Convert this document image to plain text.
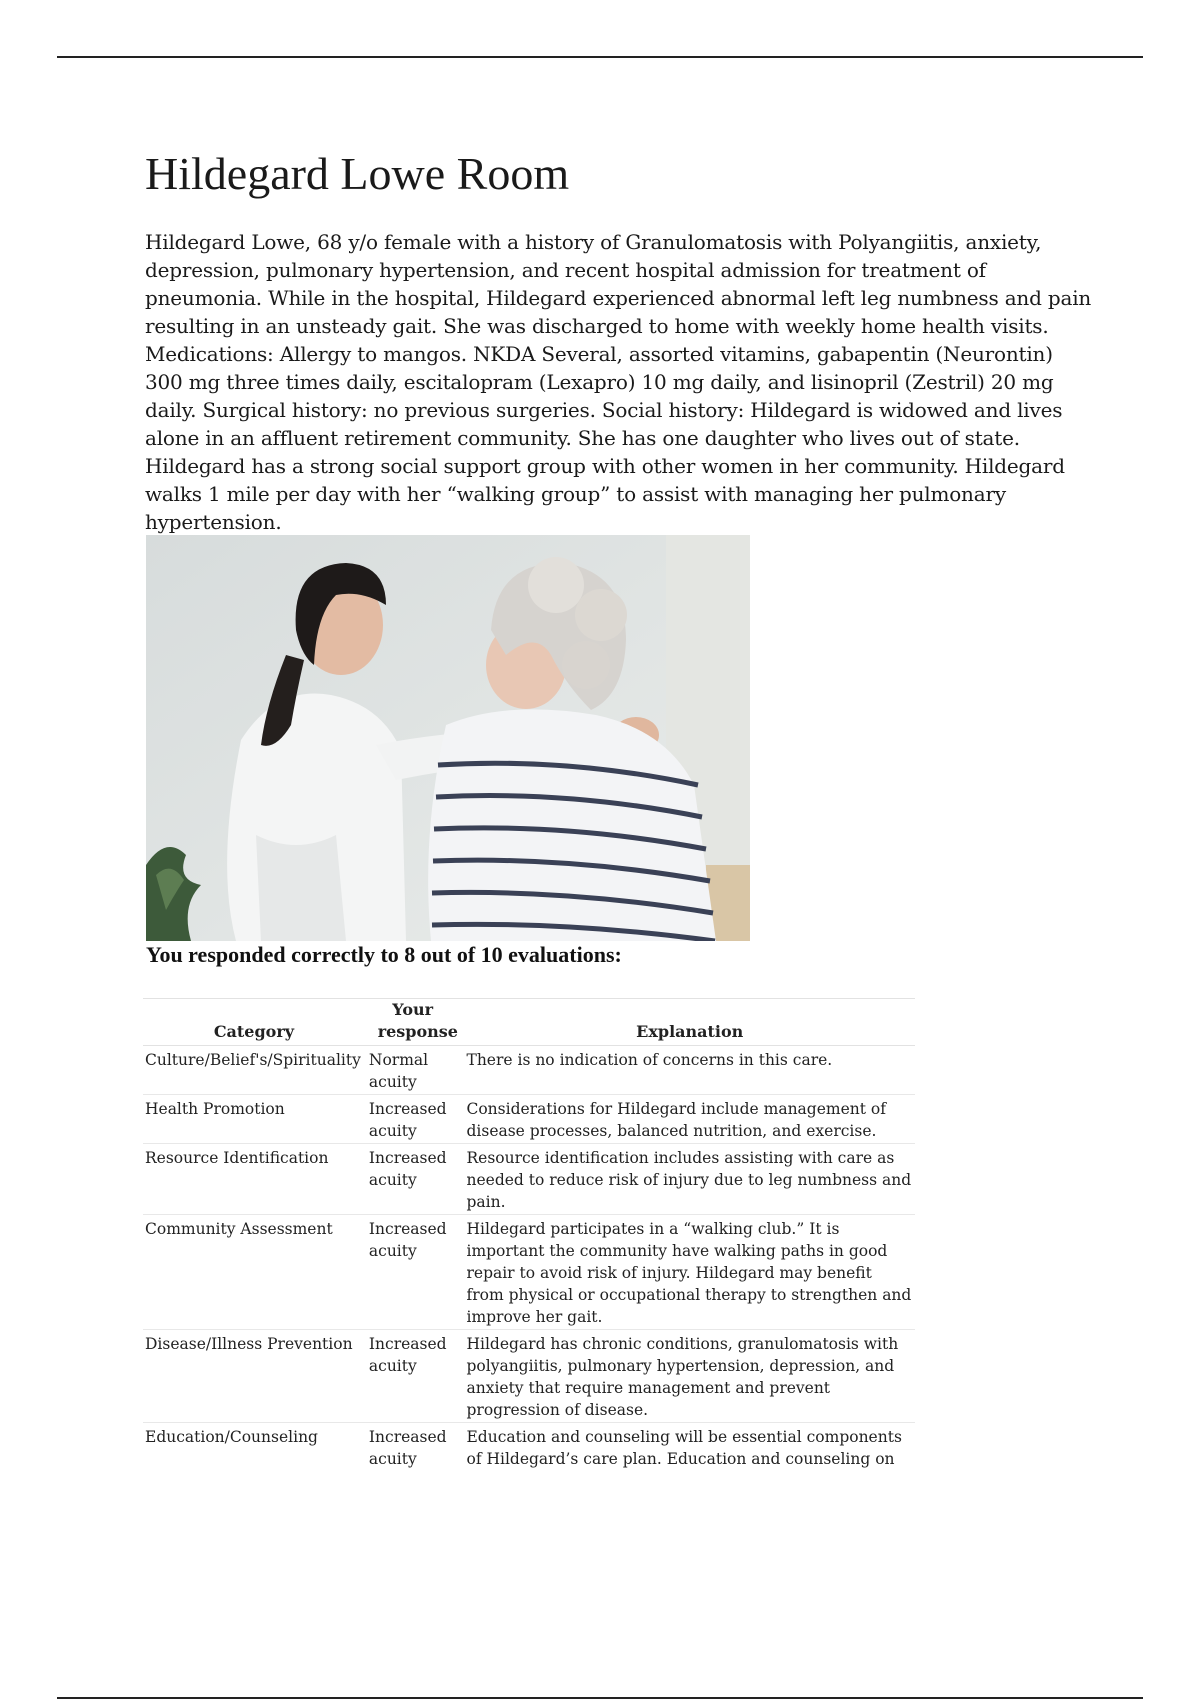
Hildegard Lowe Room

Hildegard Lowe, 68 y/o female with a history of Granulomatosis with Polyangiitis, anxiety, depression, pulmonary hypertension, and recent hospital admission for treatment of pneumonia. While in the hospital, Hildegard experienced abnormal left leg numbness and pain resulting in an unsteady gait. She was discharged to home with weekly home health visits. Medications: Allergy to mangos. NKDA Several, assorted vitamins, gabapentin (Neurontin) 300 mg three times daily, escitalopram (Lexapro) 10 mg daily, and lisinopril (Zestril) 20 mg daily. Surgical history: no previous surgeries. Social history: Hildegard is widowed and lives alone in an affluent retirement community. She has one daughter who lives out of state. Hildegard has a strong social support group with other women in her community. Hildegard walks 1 mile per day with her “walking group” to assist with managing her pulmonary hypertension.

You responded correctly to 8 out of 10 evaluations:

Category	Your response	Explanation
Culture/Belief's/Spirituality	Normal acuity	There is no indication of concerns in this care.
Health Promotion	Increased acuity	Considerations for Hildegard include management of disease processes, balanced nutrition, and exercise.
Resource Identification	Increased acuity	Resource identification includes assisting with care as needed to reduce risk of injury due to leg numbness and pain.
Community Assessment	Increased acuity	Hildegard participates in a “walking club.” It is important the community have walking paths in good repair to avoid risk of injury. Hildegard may benefit from physical or occupational therapy to strengthen and improve her gait.
Disease/Illness Prevention	Increased acuity	Hildegard has chronic conditions, granulomatosis with polyangiitis, pulmonary hypertension, depression, and anxiety that require management and prevent progression of disease.
Education/Counseling	Increased acuity	Education and counseling will be essential components of Hildegard’s care plan. Education and counseling on
